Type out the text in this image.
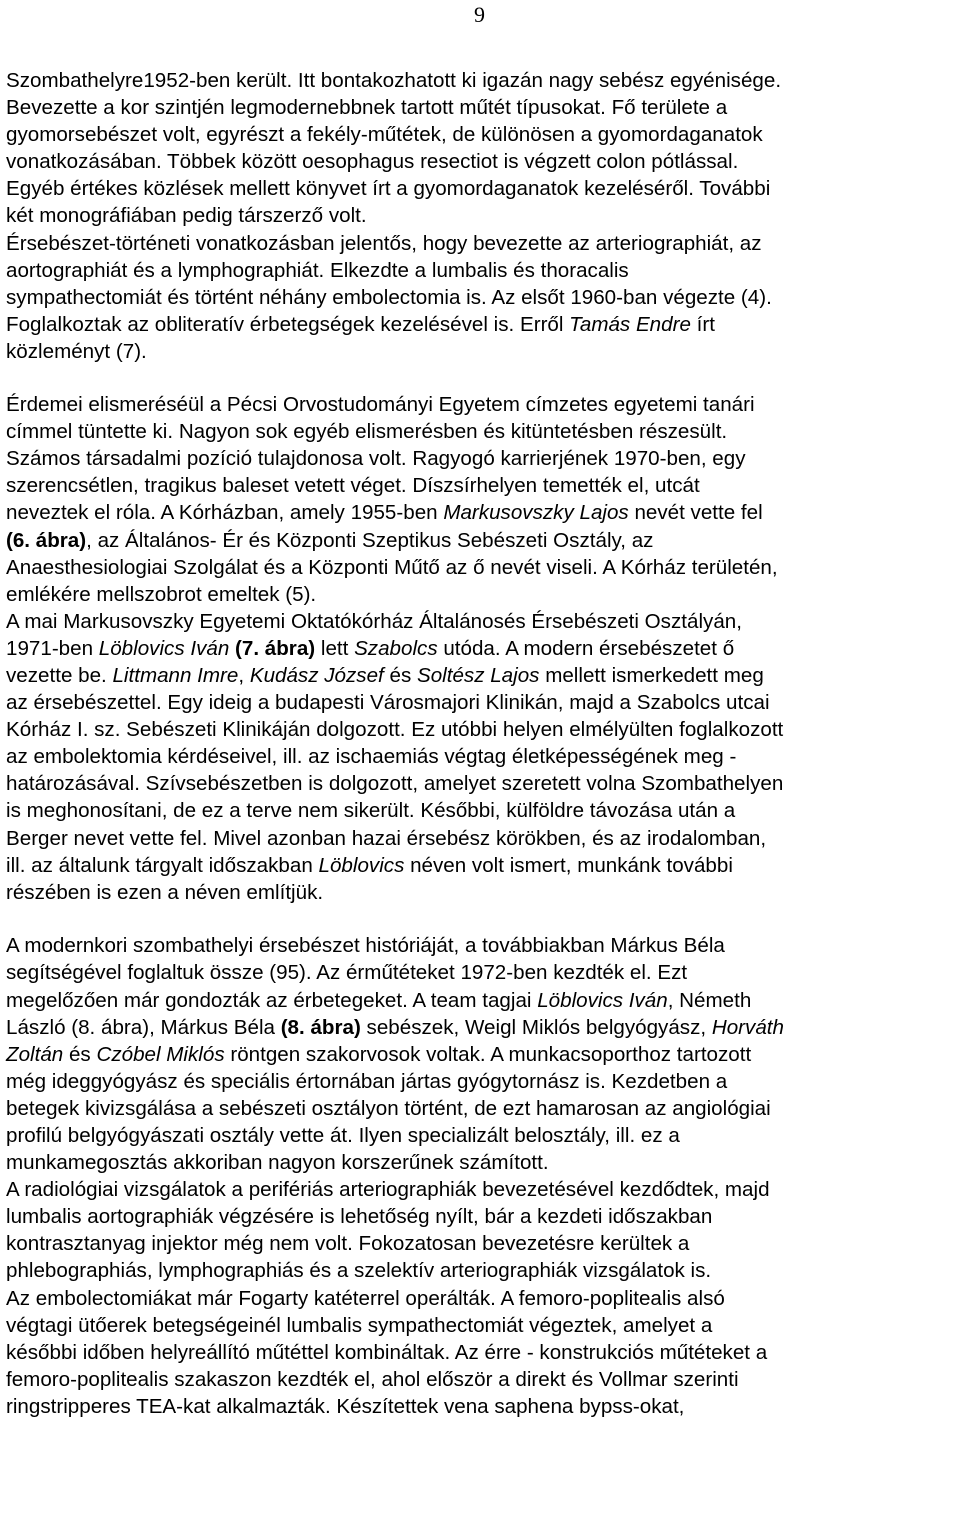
9
Szombathelyre1952-ben került. Itt bontakozhatott ki igazán nagy sebész egyénisége.
Bevezette a kor szintjén legmodernebbnek tartott műtét típusokat. Fő területe a
gyomorsebészet volt, egyrészt a fekély-műtétek, de különösen a gyomordaganatok
vonatkozásában. Többek között oesophagus resectiot is végzett colon pótlással.
Egyéb értékes közlések mellett könyvet írt a gyomordaganatok kezeléséről. További
két monográfiában pedig társzerző volt.
Érsebészet-történeti vonatkozásban jelentős, hogy bevezette az arteriographiát, az
aortographiát és a lymphographiát. Elkezdte a lumbalis és thoracalis
sympathectomiát és történt néhány embolectomia is. Az elsőt 1960-ban végezte (4).
Foglalkoztak az obliteratív érbetegségek kezelésével is. Erről Tamás Endre írt
közleményt (7).
Érdemei elismeréséül a Pécsi Orvostudományi Egyetem címzetes egyetemi tanári
címmel tüntette ki. Nagyon sok egyéb elismerésben és kitüntetésben részesült.
Számos társadalmi pozíció tulajdonosa volt. Ragyogó karrierjének 1970-ben, egy
szerencsétlen, tragikus baleset vetett véget. Díszsírhelyen temették el, utcát
neveztek el róla. A Kórházban, amely 1955-ben Markusovszky Lajos nevét vette fel
(6. ábra), az Általános- Ér és Központi Szeptikus Sebészeti Osztály, az
Anaesthesiologiai Szolgálat és a Központi Műtő az ő nevét viseli. A Kórház területén,
emlékére mellszobrot emeltek (5).
A mai Markusovszky Egyetemi Oktatókórház Általánosés Érsebészeti Osztályán,
1971-ben Löblovics Iván (7. ábra) lett Szabolcs utóda. A modern érsebészetet ő
vezette be. Littmann Imre, Kudász József és Soltész Lajos mellett ismerkedett meg
az érsebészettel. Egy ideig a budapesti Városmajori Klinikán, majd a Szabolcs utcai
Kórház I. sz. Sebészeti Klinikáján dolgozott. Ez utóbbi helyen elmélyülten foglalkozott
az embolektomia kérdéseivel, ill. az ischaemiás végtag életképességének meg -
határozásával. Szívsebészetben is dolgozott, amelyet szeretett volna Szombathelyen
is meghonosítani, de ez a terve nem sikerült. Későbbi, külföldre távozása után a
Berger nevet vette fel. Mivel azonban hazai érsebész körökben, és az irodalomban,
ill. az általunk tárgyalt időszakban Löblovics néven volt ismert, munkánk további
részében is ezen a néven említjük.
A modernkori szombathelyi érsebészet históriáját, a továbbiakban Márkus Béla
segítségével foglaltuk össze (95). Az érműtéteket 1972-ben kezdték el. Ezt
megelőzően már gondozták az érbetegeket. A team tagjai Löblovics Iván, Németh
László (8. ábra), Márkus Béla (8. ábra) sebészek, Weigl Miklós belgyógyász, Horváth
Zoltán és Czóbel Miklós röntgen szakorvosok voltak. A munkacsoporthoz tartozott
még ideggyógyász és speciális értornában jártas gyógytornász is. Kezdetben a
betegek kivizsgálása a sebészeti osztályon történt, de ezt hamarosan az angiológiai
profilú belgyógyászati osztály vette át. Ilyen specializált belosztály, ill. ez a
munkamegosztás akkoriban nagyon korszerűnek számított.
A radiológiai vizsgálatok a perifériás arteriographiák bevezetésével kezdődtek, majd
lumbalis aortographiák végzésére is lehetőség nyílt, bár a kezdeti időszakban
kontrasztanyag injektor még nem volt. Fokozatosan bevezetésre kerültek a
phlebographiás, lymphographiás és a szelektív arteriographiák vizsgálatok is.
Az embolectomiákat már Fogarty katéterrel operálták. A femoro-poplitealis alsó
végtagi ütőerek betegségeinél lumbalis sympathectomiát végeztek, amelyet a
későbbi időben helyreállító műtéttel kombináltak. Az érre - konstrukciós műtéteket a
femoro-poplitealis szakaszon kezdték el, ahol először a direkt és Vollmar szerinti
ringstripperes TEA-kat alkalmazták. Készítettek vena saphena bypss-okat,
